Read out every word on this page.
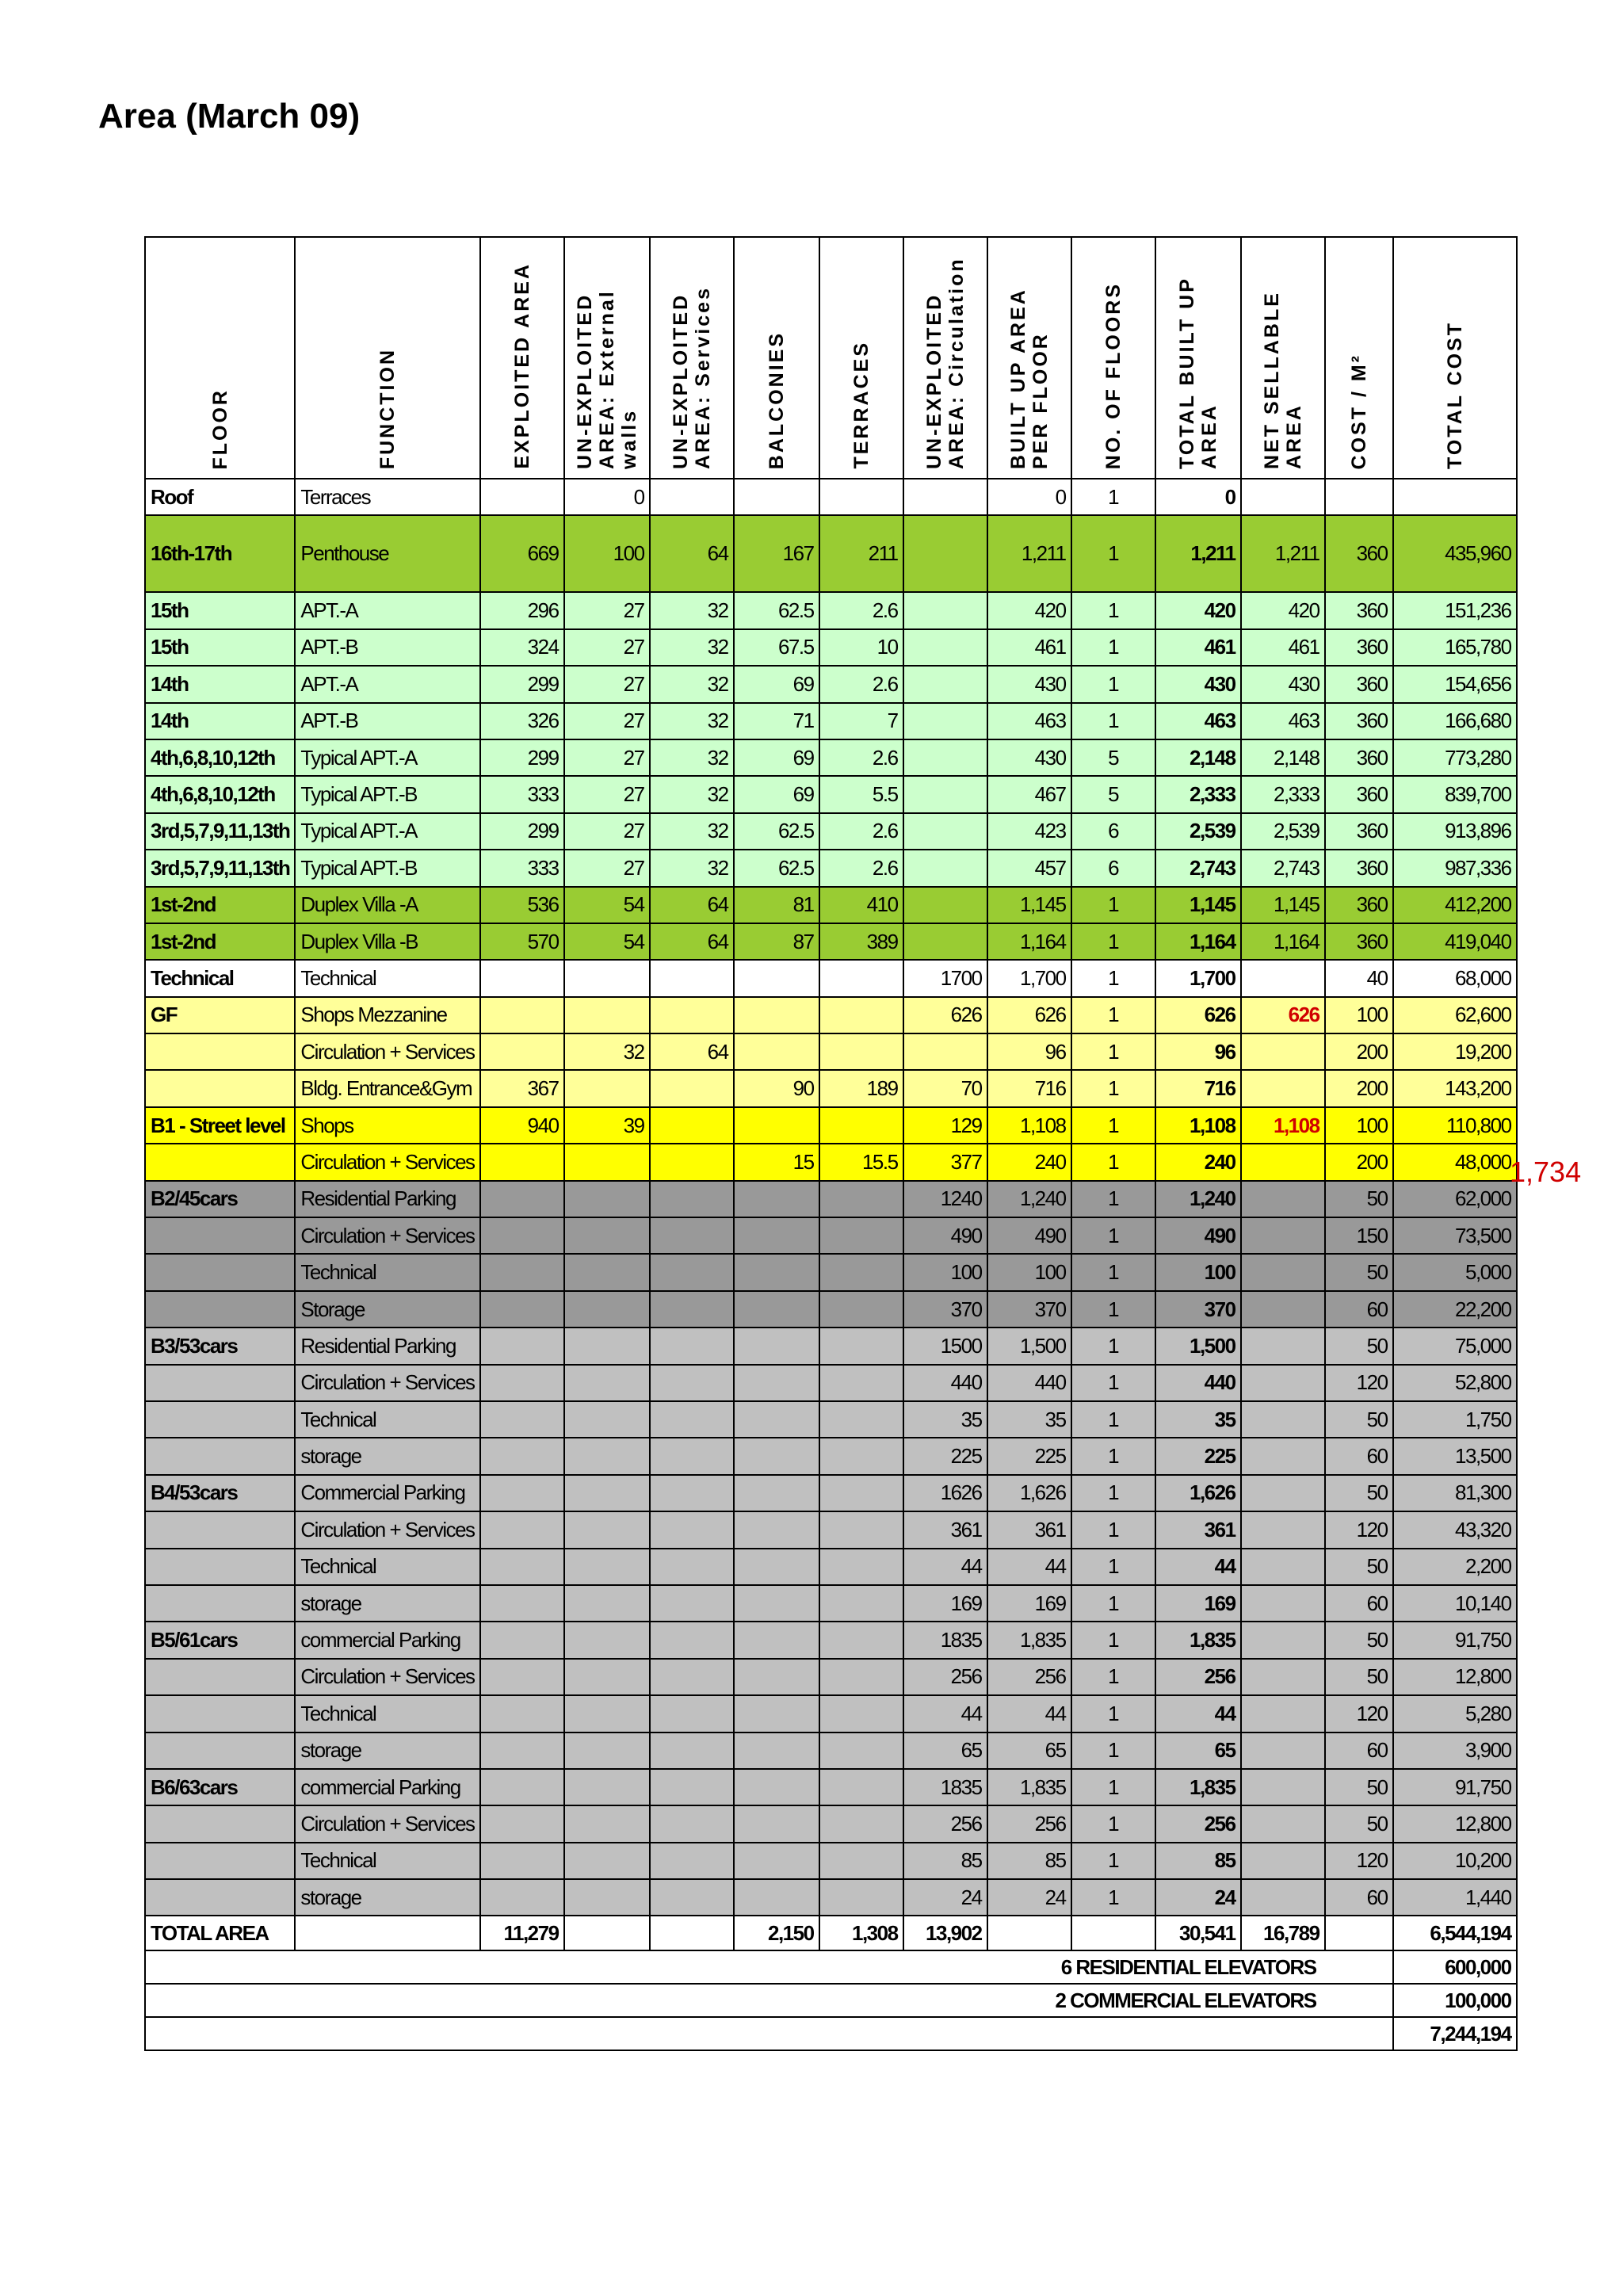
Area (March 09)
FLOOR	FUNCTION	EXPLOITED AREA	UN-EXPLOITED AREA: External walls	UN-EXPLOITED AREA: Services	BALCONIES	TERRACES	UN-EXPLOITED AREA: Circulation	BUILT UP AREA PER FLOOR	NO. OF FLOORS	TOTAL BUILT UP AREA	NET SELLABLE AREA	COST / M²	TOTAL COST
Roof	Terraces		0					0	1	0			
16th-17th	Penthouse	669	100	64	167	211		1,211	1	1,211	1,211	360	435,960
15th	APT.-A	296	27	32	62.5	2.6		420	1	420	420	360	151,236
15th	APT.-B	324	27	32	67.5	10		461	1	461	461	360	165,780
14th	APT.-A	299	27	32	69	2.6		430	1	430	430	360	154,656
14th	APT.-B	326	27	32	71	7		463	1	463	463	360	166,680
4th,6,8,10,12th	Typical APT.-A	299	27	32	69	2.6		430	5	2,148	2,148	360	773,280
4th,6,8,10,12th	Typical APT.-B	333	27	32	69	5.5		467	5	2,333	2,333	360	839,700
3rd,5,7,9,11,13th	Typical APT.-A	299	27	32	62.5	2.6		423	6	2,539	2,539	360	913,896
3rd,5,7,9,11,13th	Typical APT.-B	333	27	32	62.5	2.6		457	6	2,743	2,743	360	987,336
1st-2nd	Duplex Villa -A	536	54	64	81	410		1,145	1	1,145	1,145	360	412,200
1st-2nd	Duplex Villa -B	570	54	64	87	389		1,164	1	1,164	1,164	360	419,040
Technical	Technical						1700	1,700	1	1,700		40	68,000
GF	Shops Mezzanine						626	626	1	626	626	100	62,600
	Circulation + Services		32	64				96	1	96		200	19,200
	Bldg. Entrance&Gym	367			90	189	70	716	1	716		200	143,200
B1 - Street level	Shops	940	39				129	1,108	1	1,108	1,108	100	110,800
	Circulation + Services				15	15.5	377	240	1	240		200	48,000
B2/45cars	Residential Parking						1240	1,240	1	1,240		50	62,000
	Circulation + Services						490	490	1	490		150	73,500
	Technical						100	100	1	100		50	5,000
	Storage						370	370	1	370		60	22,200
B3/53cars	Residential Parking						1500	1,500	1	1,500		50	75,000
	Circulation + Services						440	440	1	440		120	52,800
	Technical						35	35	1	35		50	1,750
	storage						225	225	1	225		60	13,500
B4/53cars	Commercial Parking						1626	1,626	1	1,626		50	81,300
	Circulation + Services						361	361	1	361		120	43,320
	Technical						44	44	1	44		50	2,200
	storage						169	169	1	169		60	10,140
B5/61cars	commercial Parking						1835	1,835	1	1,835		50	91,750
	Circulation + Services						256	256	1	256		50	12,800
	Technical						44	44	1	44		120	5,280
	storage						65	65	1	65		60	3,900
B6/63cars	commercial Parking						1835	1,835	1	1,835		50	91,750
	Circulation + Services						256	256	1	256		50	12,800
	Technical						85	85	1	85		120	10,200
	storage						24	24	1	24		60	1,440
TOTAL AREA		11,279			2,150	1,308	13,902			30,541	16,789		6,544,194
6 RESIDENTIAL ELEVATORS													600,000
2 COMMERCIAL ELEVATORS													100,000
													7,244,194
1,734
